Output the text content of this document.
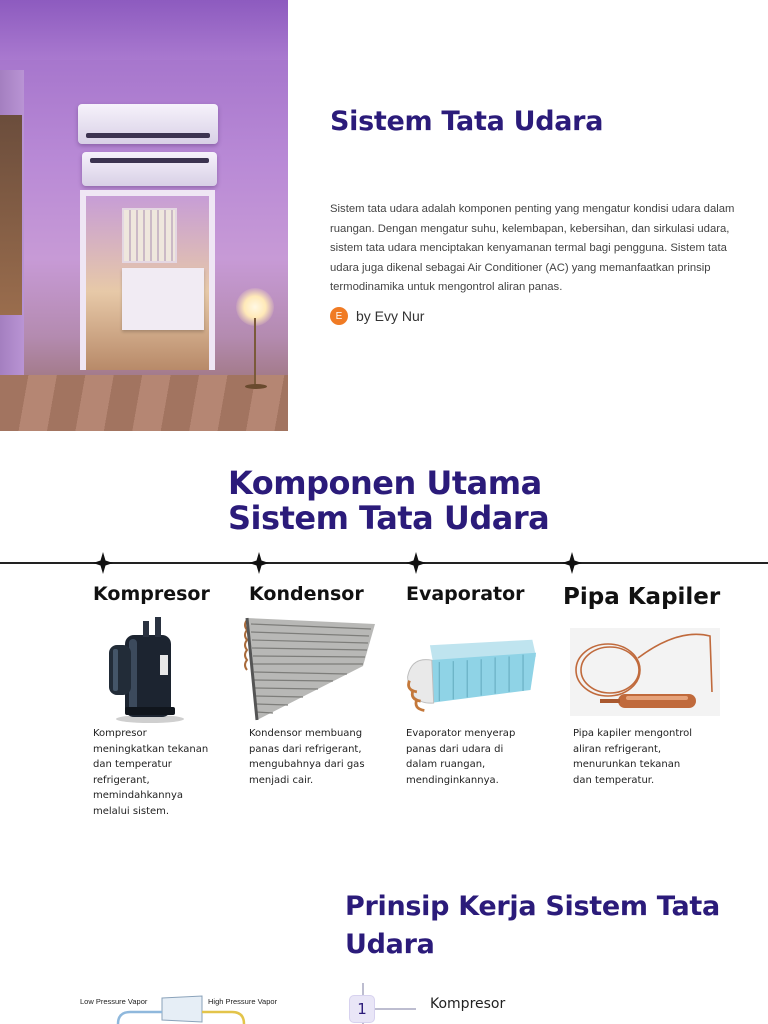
Sistem Tata Udara

Sistem tata udara adalah komponen penting yang mengatur kondisi udara dalam ruangan. Dengan mengatur suhu, kelembapan, kebersihan, dan sirkulasi udara, sistem tata udara menciptakan kenyamanan termal bagi pengguna. Sistem tata udara juga dikenal sebagai Air Conditioner (AC) yang memanfaatkan prinsip termodinamika untuk mengontrol aliran panas.

E by Evy Nur
Komponen Utama
Sistem Tata Udara
Kompresor

Kompresor meningkatkan tekanan dan temperatur refrigerant, memindahkannya melalui sistem.

Kondensor

Kondensor membuang panas dari refrigerant, mengubahnya dari gas menjadi cair.

Evaporator

Evaporator menyerap panas dari udara di dalam ruangan, mendinginkannya.

Pipa Kapiler

Pipa kapiler mengontrol aliran refrigerant, menurunkan tekanan dan temperatur.

Prinsip Kerja Sistem Tata Udara
Low Pressure Vapor	High Pressure Vapor	1	Kompresor
